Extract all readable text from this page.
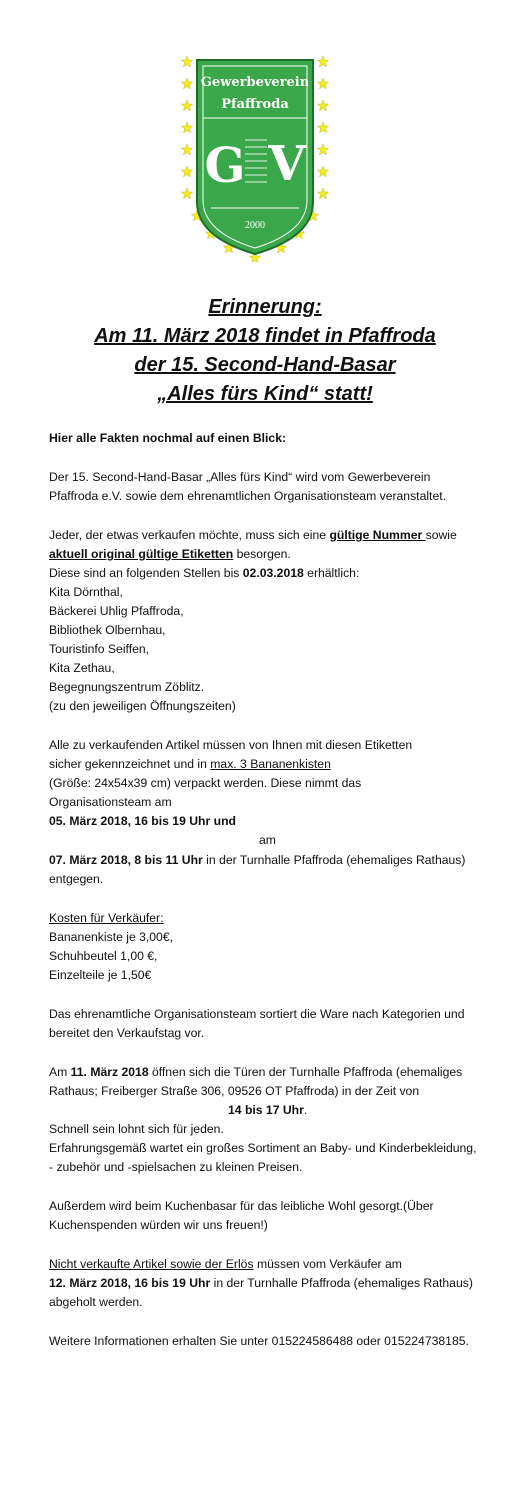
Gewerbeverein
Pfaffroda
G V
2000
Erinnerung:
Am 11. März 2018 findet in Pfaffroda
der 15. Second-Hand-Basar
„Alles fürs Kind“ statt!
Hier alle Fakten nochmal auf einen Blick:
Der 15. Second-Hand-Basar „Alles fürs Kind“ wird vom Gewerbeverein
Pfaffroda e.V. sowie dem ehrenamtlichen Organisationsteam veranstaltet.
Jeder, der etwas verkaufen möchte, muss sich eine gültige Nummer sowie
aktuell original gültige Etiketten besorgen.
Diese sind an folgenden Stellen bis 02.03.2018 erhältlich:
Kita Dörnthal,
Bäckerei Uhlig Pfaffroda,
Bibliothek Olbernhau,
Touristinfo Seiffen,
Kita Zethau,
Begegnungszentrum Zöblitz.
(zu den jeweiligen Öffnungszeiten)
Alle zu verkaufenden Artikel müssen von Ihnen mit diesen Etiketten
sicher gekennzeichnet und in max. 3 Bananenkisten
(Größe: 24x54x39 cm) verpackt werden. Diese nimmt das
Organisationsteam am
05. März 2018, 16 bis 19 Uhr und
am
07. März 2018, 8 bis 11 Uhr in der Turnhalle Pfaffroda (ehemaliges Rathaus)
entgegen.
Kosten für Verkäufer:
Bananenkiste je 3,00€,
Schuhbeutel 1,00 €,
Einzelteile je 1,50€
Das ehrenamtliche Organisationsteam sortiert die Ware nach Kategorien und
bereitet den Verkaufstag vor.
Am 11. März 2018 öffnen sich die Türen der Turnhalle Pfaffroda (ehemaliges
Rathaus; Freiberger Straße 306, 09526 OT Pfaffroda) in der Zeit von
14 bis 17 Uhr.
Schnell sein lohnt sich für jeden.
Erfahrungsgemäß wartet ein großes Sortiment an Baby- und Kinderbekleidung,
- zubehör und -spielsachen zu kleinen Preisen.
Außerdem wird beim Kuchenbasar für das leibliche Wohl gesorgt.(Über
Kuchenspenden würden wir uns freuen!)
Nicht verkaufte Artikel sowie der Erlös müssen vom Verkäufer am
12. März 2018, 16 bis 19 Uhr in der Turnhalle Pfaffroda (ehemaliges Rathaus)
abgeholt werden.
Weitere Informationen erhalten Sie unter 015224586488 oder 015224738185.
